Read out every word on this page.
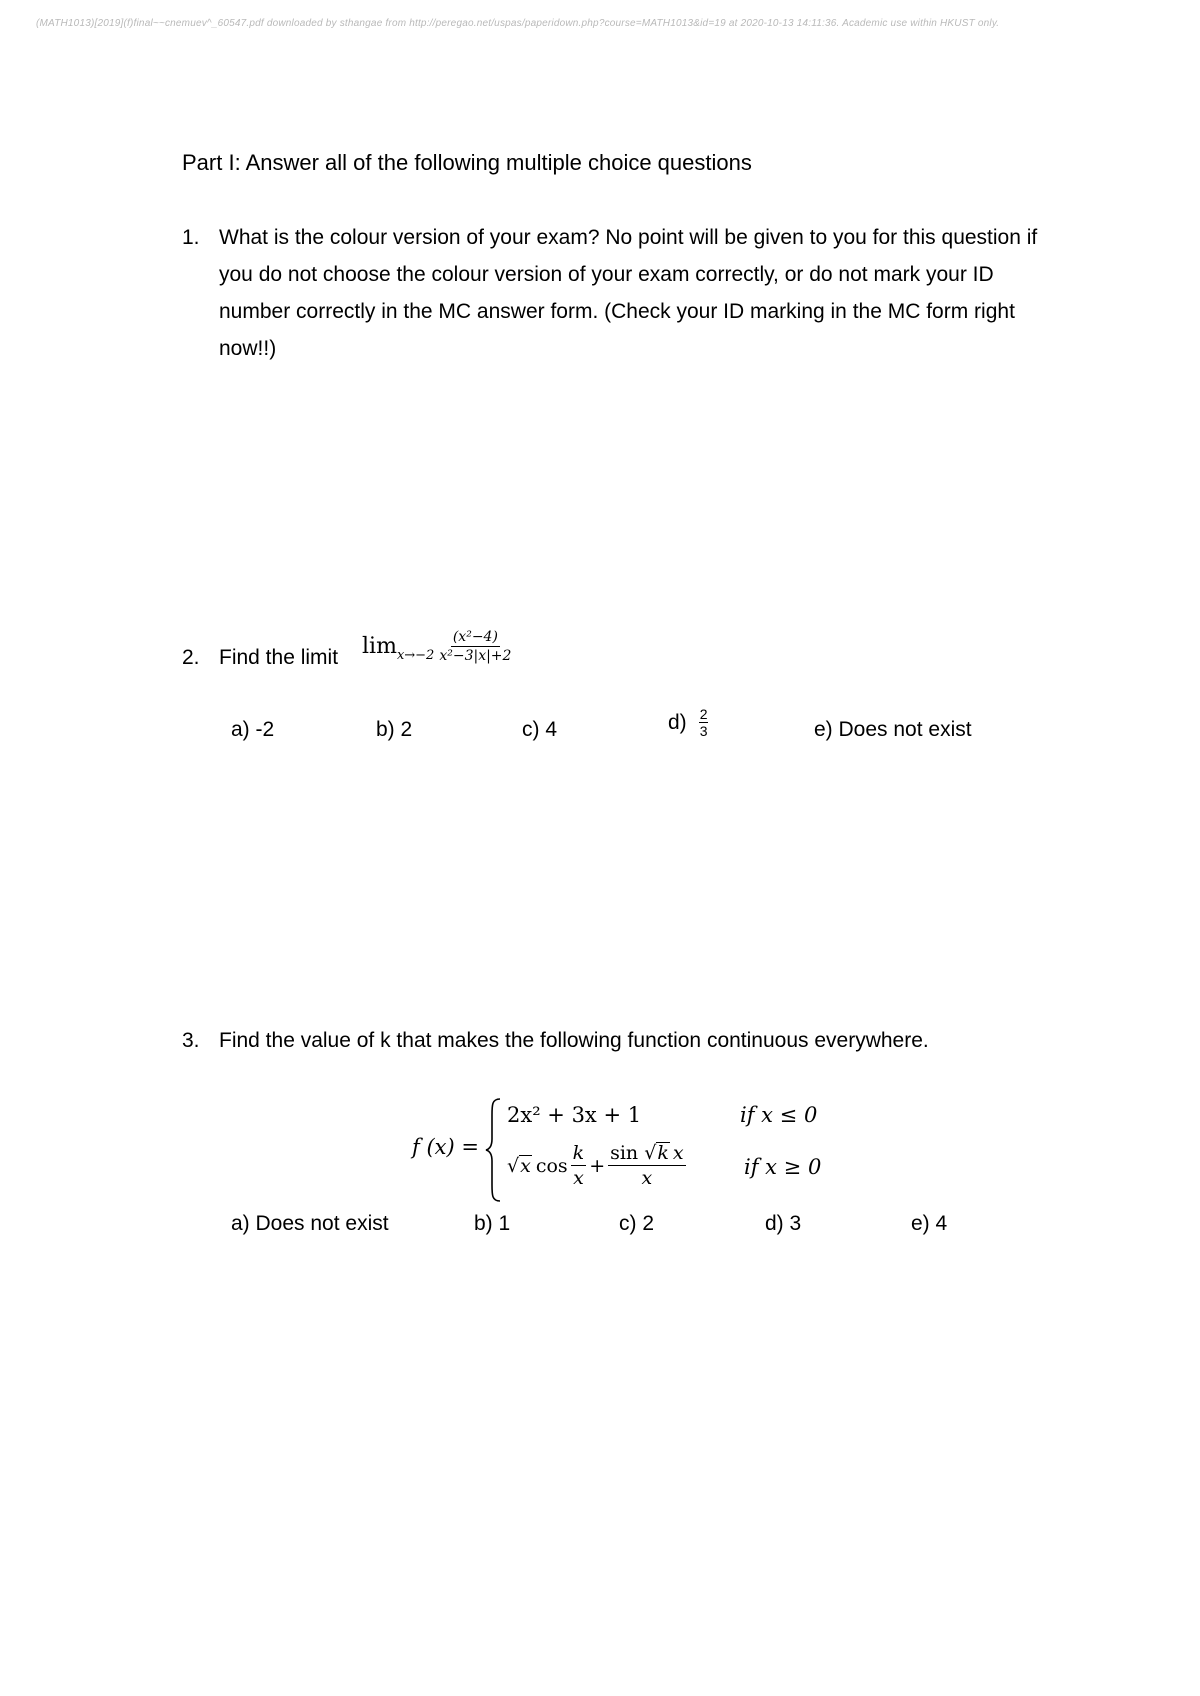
(MATH1013)[2019](f)final~~cnemuev^_60547.pdf downloaded by sthangae from http://peregao.net/uspas/paperidown.php?course=MATH1013&id=19 at 2020-10-13 14:11:36. Academic use within HKUST only.
Part I: Answer all of the following multiple choice questions
1. What is the colour version of your exam? No point will be given to you for this question if you do not choose the colour version of your exam correctly, or do not mark your ID number correctly in the MC answer form. (Check your ID marking in the MC form right now!!)
2. Find the limit $\lim x\to-2 \frac{\text{(x²−4)}}{\text{x²−3|x|+2}}$
a) -2	b) 2	c) 4	$d) \frac{2}{3}$	e) Does not exist
3. Find the value of k that makes the following function continuous everywhere.
f (x) =
2x² + 3x + 1	if x ≤ 0
√ x $\cos \frac{k}{x} + \frac{\text{sin √k x}}{x}$	if x ≥ 0
a) Does not exist	b) 1	c) 2	d) 3	e) 4
